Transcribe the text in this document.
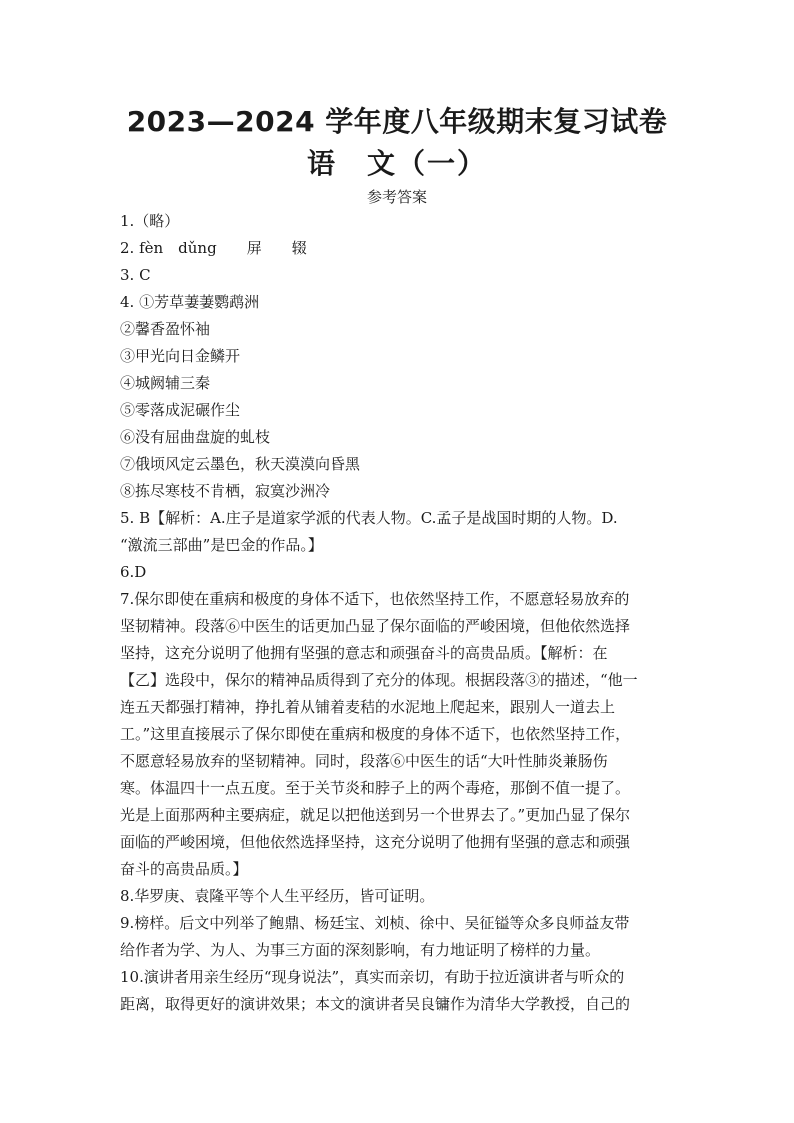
2023—2024 学年度八年级期末复习试卷
语　文（一）
参考答案
1.（略）
2. fèn　dǔng　　屏　　辍
3. C
4. ①芳草萋萋鹦鹉洲
②馨香盈怀袖
③甲光向日金鳞开
④城阙辅三秦
⑤零落成泥碾作尘
⑥没有屈曲盘旋的虬枝
⑦俄顷风定云墨色，秋天漠漠向昏黑
⑧拣尽寒枝不肯栖，寂寞沙洲冷
5. B【解析：A.庄子是道家学派的代表人物。C.孟子是战国时期的人物。D.
“激流三部曲”是巴金的作品。】
6.D
7.保尔即使在重病和极度的身体不适下，也依然坚持工作，不愿意轻易放弃的
坚韧精神。段落⑥中医生的话更加凸显了保尔面临的严峻困境，但他依然选择
坚持，这充分说明了他拥有坚强的意志和顽强奋斗的高贵品质。【解析：在
【乙】选段中，保尔的精神品质得到了充分的体现。根据段落③的描述，“他一
连五天都强打精神，挣扎着从铺着麦秸的水泥地上爬起来，跟别人一道去上
工。”这里直接展示了保尔即使在重病和极度的身体不适下，也依然坚持工作，
不愿意轻易放弃的坚韧精神。同时，段落⑥中医生的话“大叶性肺炎兼肠伤
寒。体温四十一点五度。至于关节炎和脖子上的两个毒疮，那倒不值一提了。
光是上面那两种主要病症，就足以把他送到另一个世界去了。”更加凸显了保尔
面临的严峻困境，但他依然选择坚持，这充分说明了他拥有坚强的意志和顽强
奋斗的高贵品质。】
8.华罗庚、袁隆平等个人生平经历，皆可证明。
9.榜样。后文中列举了鲍鼎、杨廷宝、刘桢、徐中、吴征镒等众多良师益友带
给作者为学、为人、为事三方面的深刻影响，有力地证明了榜样的力量。
10.演讲者用亲生经历“现身说法”，真实而亲切，有助于拉近演讲者与听众的
距离，取得更好的演讲效果；本文的演讲者吴良镛作为清华大学教授，自己的
